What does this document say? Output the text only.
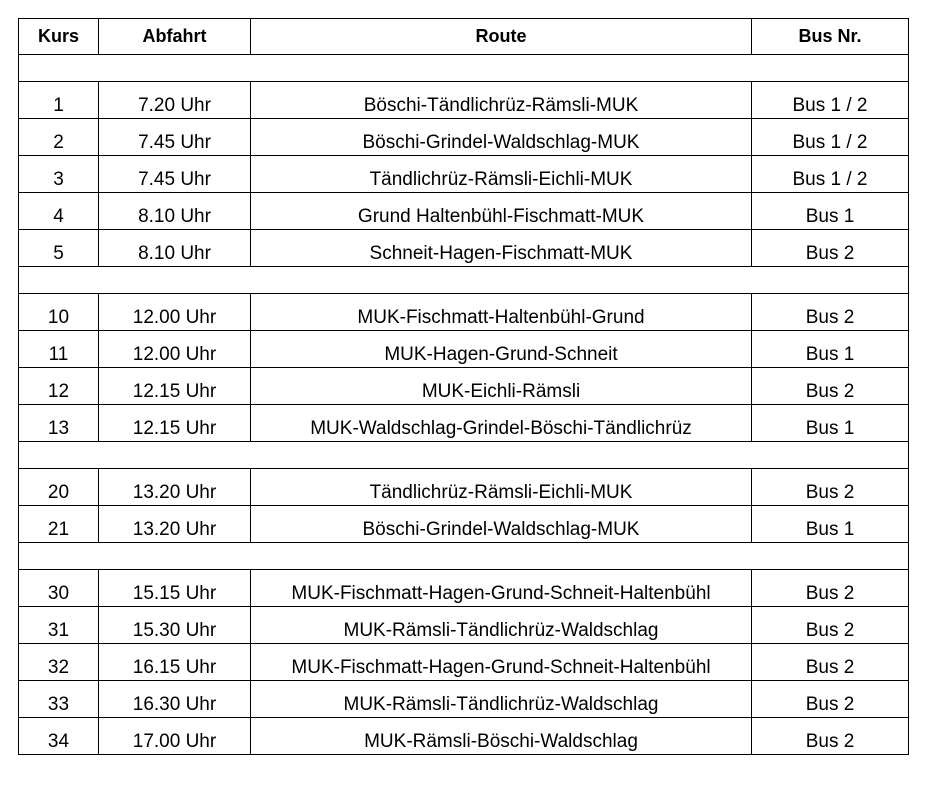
Kurs	Abfahrt	Route	Bus Nr.

1	7.20 Uhr	Böschi-Tändlichrüz-Rämsli-MUK	Bus 1 / 2
2	7.45 Uhr	Böschi-Grindel-Waldschlag-MUK	Bus 1 / 2
3	7.45 Uhr	Tändlichrüz-Rämsli-Eichli-MUK	Bus 1 / 2
4	8.10 Uhr	Grund Haltenbühl-Fischmatt-MUK	Bus 1
5	8.10 Uhr	Schneit-Hagen-Fischmatt-MUK	Bus 2

10	12.00 Uhr	MUK-Fischmatt-Haltenbühl-Grund	Bus 2
11	12.00 Uhr	MUK-Hagen-Grund-Schneit	Bus 1
12	12.15 Uhr	MUK-Eichli-Rämsli	Bus 2
13	12.15 Uhr	MUK-Waldschlag-Grindel-Böschi-Tändlichrüz	Bus 1

20	13.20 Uhr	Tändlichrüz-Rämsli-Eichli-MUK	Bus 2
21	13.20 Uhr	Böschi-Grindel-Waldschlag-MUK	Bus 1

30	15.15 Uhr	MUK-Fischmatt-Hagen-Grund-Schneit-Haltenbühl	Bus 2
31	15.30 Uhr	MUK-Rämsli-Tändlichrüz-Waldschlag	Bus 2
32	16.15 Uhr	MUK-Fischmatt-Hagen-Grund-Schneit-Haltenbühl	Bus 2
33	16.30 Uhr	MUK-Rämsli-Tändlichrüz-Waldschlag	Bus 2
34	17.00 Uhr	MUK-Rämsli-Böschi-Waldschlag	Bus 2
